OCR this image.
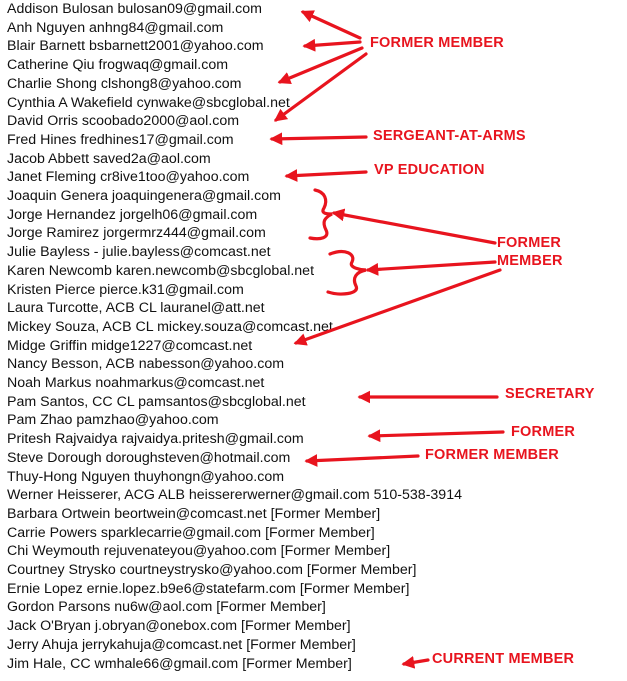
Addison Bulosan bulosan09@gmail.com
Anh Nguyen anhng84@gmail.com
Blair Barnett bsbarnett2001@yahoo.com
Catherine Qiu frogwaq@gmail.com
Charlie Shong clshong8@yahoo.com
Cynthia A Wakefield cynwake@sbcglobal.net
David Orris scoobado2000@aol.com
Fred Hines fredhines17@gmail.com
Jacob Abbett saved2a@aol.com
Janet Fleming cr8ive1too@yahoo.com
Joaquin Genera joaquingenera@gmail.com
Jorge Hernandez jorgelh06@gmail.com
Jorge Ramirez jorgermrz444@gmail.com
Julie Bayless - julie.bayless@comcast.net
Karen Newcomb karen.newcomb@sbcglobal.net
Kristen Pierce pierce.k31@gmail.com
Laura Turcotte, ACB CL lauranel@att.net
Mickey Souza, ACB CL mickey.souza@comcast.net
Midge Griffin midge1227@comcast.net
Nancy Besson, ACB nabesson@yahoo.com
Noah Markus noahmarkus@comcast.net
Pam Santos, CC CL pamsantos@sbcglobal.net
Pam Zhao pamzhao@yahoo.com
Pritesh Rajvaidya rajvaidya.pritesh@gmail.com
Steve Dorough doroughsteven@hotmail.com
Thuy-Hong Nguyen thuyhongn@yahoo.com
Werner Heisserer, ACG ALB heissererwerner@gmail.com 510-538-3914
Barbara Ortwein beortwein@comcast.net [Former Member]
Carrie Powers sparklecarrie@gmail.com [Former Member]
Chi Weymouth rejuvenateyou@yahoo.com [Former Member]
Courtney Strysko courtneystrysko@yahoo.com [Former Member]
Ernie Lopez ernie.lopez.b9e6@statefarm.com [Former Member]
Gordon Parsons nu6w@aol.com [Former Member]
Jack O'Bryan j.obryan@onebox.com [Former Member]
Jerry Ahuja jerrykahuja@comcast.net [Former Member]
Jim Hale, CC wmhale66@gmail.com [Former Member]
FORMER MEMBER
SERGEANT-AT-ARMS
VP EDUCATION
FORMER
MEMBER
SECRETARY
FORMER
FORMER MEMBER
CURRENT MEMBER
